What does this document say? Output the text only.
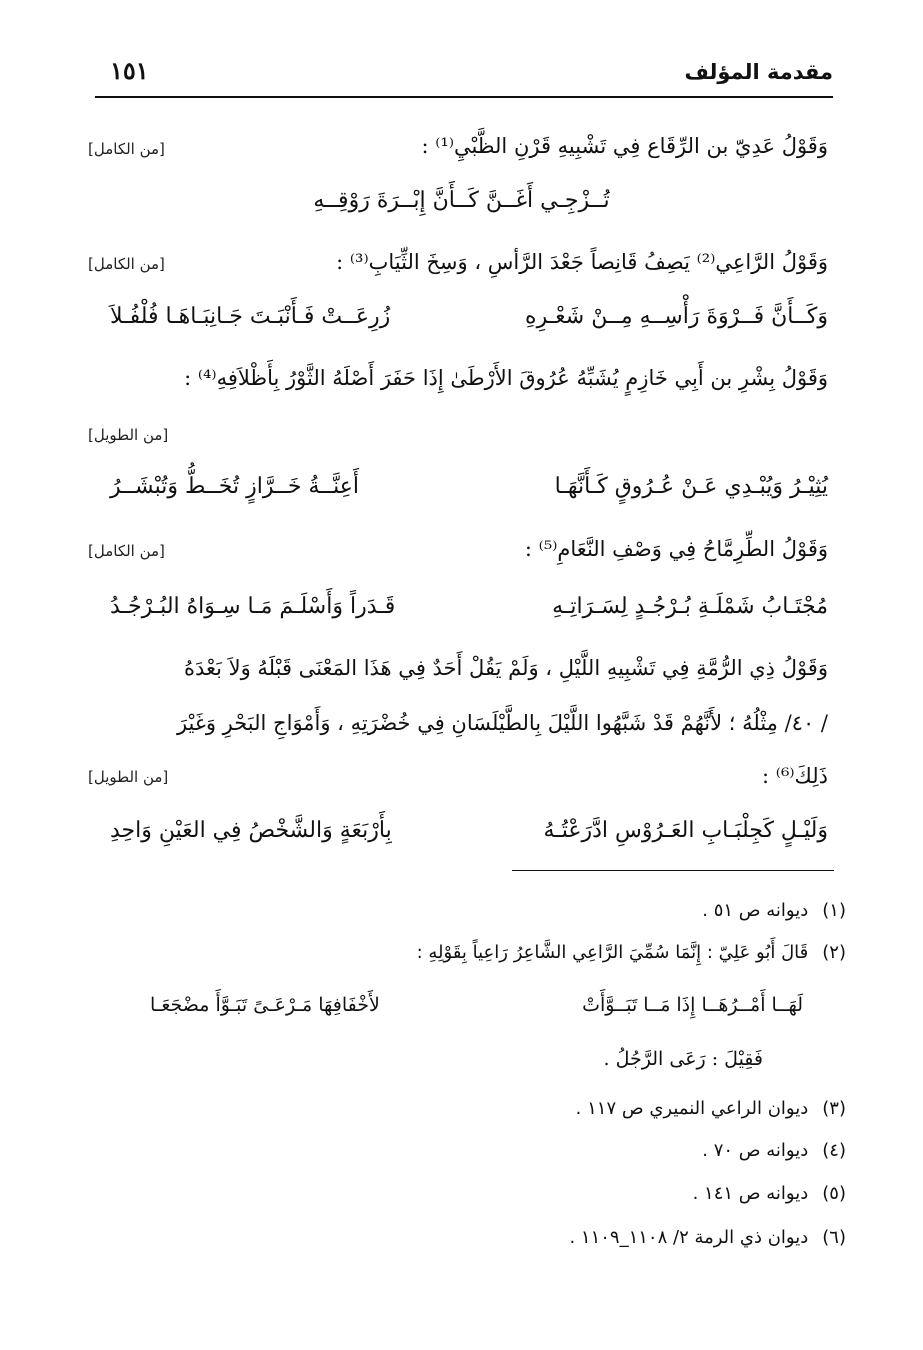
مقدمة المؤلف
١٥١
وَقَوْلُ عَدِيّ بن الرِّقَاع فِي تَشْبِيهِ قَرْنِ الظَّبْيِ⁽¹⁾ :
[من الكامل]
تُــزْجِـي أَغَــنَّ كَــأَنَّ إِبْــرَةَ رَوْقِــهِ
وَقَوْلُ الرَّاعِي⁽²⁾ يَصِفُ قَانِصاً جَعْدَ الرَّأسِ ، وَسِخَ الثِّيَابِ⁽³⁾ :
[من الكامل]
وَكَــأَنَّ فَــرْوَةَ رَأْسِــهِ مِــنْ شَعْـرِهِ
زُرِعَــتْ فَـأَنْبَـتَ جَـانِبَـاهَـا فُلْفُـلاَ
وَقَوْلُ بِشْرِ بن أَبِي خَازِمٍ يُشَبِّهُ عُرُوقَ الأَرْطَىٰ إِذَا حَفَرَ أَصْلَهُ الثَّوْرُ بِأَظْلاَفِهِ⁽⁴⁾ :
[من الطويل]
يُثِيْـرُ وَيُبْـدِي عَـنْ عُـرُوقٍ كَـأَنَّهَـا
أَعِنَّــةُ خَــرَّازٍ تُخَــطُّ وَتُبْشَــرُ
وَقَوْلُ الطِّرِمَّاحُ فِي وَصْفِ النَّعَامِ⁽⁵⁾ :
[من الكامل]
مُجْتَـابُ شَمْلَـةِ بُـرْجُـدٍ لِسَـرَاتِـهِ
قَـدَراً وَأَسْلَـمَ مَـا سِـوَاهُ البُـرْجُـدُ
وَقَوْلُ ذِي الرُّمَّةِ فِي تَشْبِيهِ اللَّيْلِ ، وَلَمْ يَقُلْ أَحَدٌ فِي هَذَا المَعْنَى قَبْلَهُ وَلاَ بَعْدَهُ
/ ٤٠/ مِثْلُهُ ؛ لأَنَّهُمْ قَدْ شَبَّهُوا اللَّيْلَ بِالطَّيْلَسَانِ فِي خُضْرَتِهِ ، وَأَمْوَاجِ البَحْرِ وَغَيْرَ
ذَلِكَ⁽⁶⁾ :
[من الطويل]
وَلَيْـلٍ كَجِلْبَـابِ العَـرُوْسِ ادَّرَعْتُـهُ
بِأَرْبَعَةٍ وَالشَّخْصُ فِي العَيْنِ وَاحِدِ
(١)ديوانه ص ٥١ .
(٢)قَالَ أَبُو عَلِيّ : إِنَّمَا سُمِّيَ الرَّاعِي الشَّاعِرُ رَاعِياً بِقَوْلِهِ :
لَهَــا أَمْــرُهَــا إِذَا مَــا تَبَــوَّأَتْ
لأَخْفَافِهَا مَـرْعَـىً تَبَـوَّأَ مضْجَعَـا
فَقِيْلَ : رَعَى الرَّجُلُ .
(٣)ديوان الراعي النميري ص ١١٧ .
(٤)ديوانه ص ٧٠ .
(٥)ديوانه ص ١٤١ .
(٦)ديوان ذي الرمة ٢/ ١١٠٨_١١٠٩ .
